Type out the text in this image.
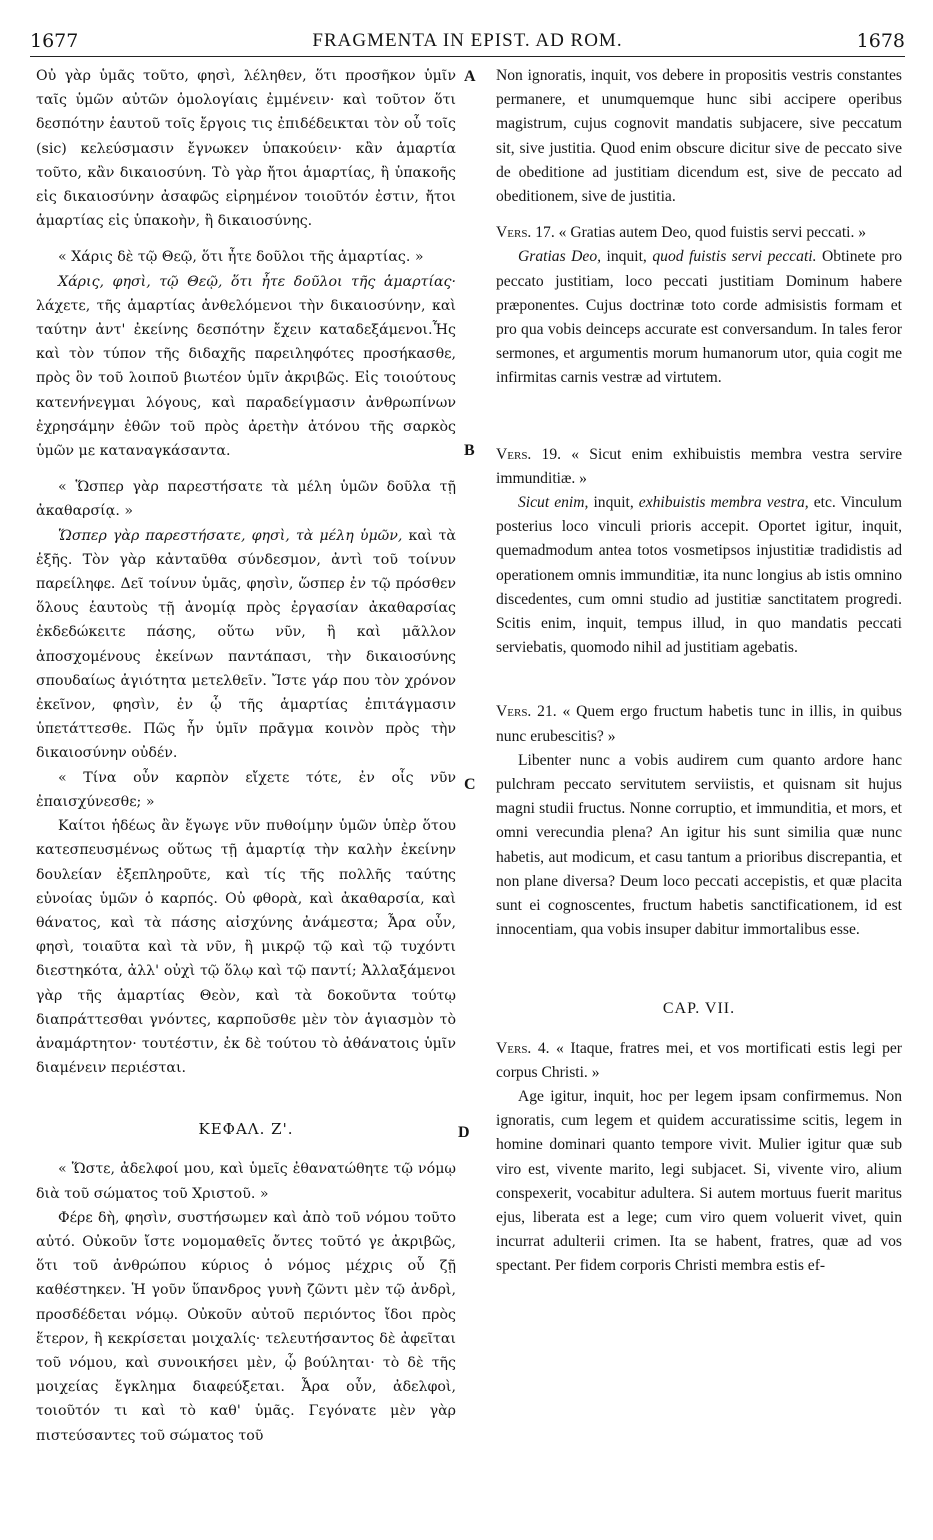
1677	FRAGMENTA IN EPIST. AD ROM.	1678
A
B
C
D

Οὐ γὰρ ὑμᾶς τοῦτο, φησὶ, λέληθεν, ὅτι προσῆκον ὑμῖν ταῖς ὑμῶν αὐτῶν ὁμολογίαις ἐμμένειν· καὶ τοῦτον ὅτι δεσπότην ἑαυτοῦ τοῖς ἔργοις τις ἐπιδέδεικται τὸν οὗ τοῖς (sic) κελεύσμασιν ἔγνωκεν ὑπακούειν· κἂν ἁμαρτία τοῦτο, κἂν δικαιοσύνη. Τὸ γὰρ ἤτοι ἁμαρτίας, ἢ ὑπακοῆς εἰς δικαιοσύνην ἀσαφῶς εἰρημένον τοιοῦτόν ἐστιν, ἤτοι ἁμαρτίας εἰς ὑπακοὴν, ἢ δικαιοσύνης.

« Χάρις δὲ τῷ Θεῷ, ὅτι ἦτε δοῦλοι τῆς ἁμαρτίας. »

Χάρις, φησὶ, τῷ Θεῷ, ὅτι ἦτε δοῦλοι τῆς ἁμαρτίας· λάχετε, τῆς ἁμαρτίας ἀνθελόμενοι τὴν δικαιοσύνην, καὶ ταύτην ἀντ' ἐκείνης δεσπότην ἔχειν καταδεξάμενοι.Ἧς καὶ τὸν τύπον τῆς διδαχῆς παρειληφότες προσήκασθε, πρὸς ὃν τοῦ λοιποῦ βιωτέον ὑμῖν ἀκριβῶς. Εἰς τοιούτους κατενήνεγμαι λόγους, καὶ παραδείγμασιν ἀνθρωπίνων ἐχρησάμην ἐθῶν τοῦ πρὸς ἀρετὴν ἀτόνου τῆς σαρκὸς ὑμῶν με καταναγκάσαντα.

« Ὥσπερ γὰρ παρεστήσατε τὰ μέλη ὑμῶν δοῦλα τῇ ἀκαθαρσίᾳ. »

Ὥσπερ γὰρ παρεστήσατε, φησὶ, τὰ μέλη ὑμῶν, καὶ τὰ ἑξῆς. Τὸν γὰρ κἀνταῦθα σύνδεσμον, ἀντὶ τοῦ τοίνυν παρείληφε. Δεῖ τοίνυν ὑμᾶς, φησὶν, ὥσπερ ἐν τῷ πρόσθεν ὅλους ἑαυτοὺς τῇ ἀνομίᾳ πρὸς ἐργασίαν ἀκαθαρσίας ἐκδεδώκειτε πάσης, οὕτω νῦν, ἢ καὶ μᾶλλον ἀποσχομένους ἐκείνων παντάπασι, τὴν δικαιοσύνης σπουδαίως ἁγιότητα μετελθεῖν. Ἴστε γάρ που τὸν χρόνον ἐκεῖνον, φησὶν, ἐν ᾧ τῆς ἁμαρτίας ἐπιτάγμασιν ὑπετάττεσθε. Πῶς ἦν ὑμῖν πρᾶγμα κοινὸν πρὸς τὴν δικαιοσύνην οὐδέν.

« Τίνα οὖν καρπὸν εἴχετε τότε, ἐν οἷς νῦν ἐπαισχύνεσθε; »

Καίτοι ἡδέως ἂν ἔγωγε νῦν πυθοίμην ὑμῶν ὑπὲρ ὅτου κατεσπευσμένως οὕτως τῇ ἁμαρτίᾳ τὴν καλὴν ἐκείνην δουλείαν ἐξεπληροῦτε, καὶ τίς τῆς πολλῆς ταύτης εὐνοίας ὑμῶν ὁ καρπός. Οὐ φθορὰ, καὶ ἀκαθαρσία, καὶ θάνατος, καὶ τὰ πάσης αἰσχύνης ἀνάμεστα; Ἆρα οὖν, φησὶ, τοιαῦτα καὶ τὰ νῦν, ἢ μικρῷ τῷ καὶ τῷ τυχόντι διεστηκότα, ἀλλ' οὐχὶ τῷ ὅλῳ καὶ τῷ παντί; Ἀλλαξάμενοι γὰρ τῆς ἁμαρτίας Θεὸν, καὶ τὰ δοκοῦντα τούτῳ διαπράττεσθαι γνόντες, καρποῦσθε μὲν τὸν ἁγιασμὸν τὸ ἀναμάρτητον· τουτέστιν, ἐκ δὲ τούτου τὸ ἀθάνατοις ὑμῖν διαμένειν περιέσται.

ΚΕΦΑΛ. Ζ'.

« Ὥστε, ἀδελφοί μου, καὶ ὑμεῖς ἐθανατώθητε τῷ νόμῳ διὰ τοῦ σώματος τοῦ Χριστοῦ. »

Φέρε δὴ, φησὶν, συστήσωμεν καὶ ἀπὸ τοῦ νόμου τοῦτο αὐτό. Οὐκοῦν ἴστε νομομαθεῖς ὄντες τοῦτό γε ἀκριβῶς, ὅτι τοῦ ἀνθρώπου κύριος ὁ νόμος μέχρις οὗ ζῇ καθέστηκεν. Ἡ γοῦν ὕπανδρος γυνὴ ζῶντι μὲν τῷ ἀνδρὶ, προσδέδεται νόμῳ. Οὐκοῦν αὐτοῦ περιόντος ἴδοι πρὸς ἕτερον, ἢ κεκρίσεται μοιχαλίς· τελευτήσαντος δὲ ἀφεῖται τοῦ νόμου, καὶ συνοικήσει μὲν, ᾧ βούληται· τὸ δὲ τῆς μοιχείας ἔγκλημα διαφεύξεται. Ἆρα οὖν, ἀδελφοὶ, τοιοῦτόν τι καὶ τὸ καθ' ὑμᾶς. Γεγόνατε μὲν γὰρ πιστεύσαντες τοῦ σώματος τοῦ

Non ignoratis, inquit, vos debere in propositis vestris constantes permanere, et unumquemque hunc sibi accipere operibus magistrum, cujus cognovit mandatis subjacere, sive peccatum sit, sive justitia. Quod enim obscure dicitur sive de peccato sive de obeditione ad justitiam dicendum est, sive de peccato ad obeditionem, sive de justitia.

Vers. 17. « Gratias autem Deo, quod fuistis servi peccati. »

Gratias Deo, inquit, quod fuistis servi peccati. Obtinete pro peccato justitiam, loco peccati justitiam Dominum habere præponentes. Cujus doctrinæ toto corde admisistis formam et pro qua vobis deinceps accurate est conversandum. In tales feror sermones, et argumentis morum humanorum utor, quia cogit me infirmitas carnis vestræ ad virtutem.

Vers. 19. « Sicut enim exhibuistis membra vestra servire immunditiæ. »

Sicut enim, inquit, exhibuistis membra vestra, etc. Vinculum posterius loco vinculi prioris accepit. Oportet igitur, inquit, quemadmodum antea totos vosmetipsos injustitiæ tradidistis ad operationem omnis immunditiæ, ita nunc longius ab istis omnino discedentes, cum omni studio ad justitiæ sanctitatem progredi. Scitis enim, inquit, tempus illud, in quo mandatis peccati serviebatis, quomodo nihil ad justitiam agebatis.

Vers. 21. « Quem ergo fructum habetis tunc in illis, in quibus nunc erubescitis? »

Libenter nunc a vobis audirem cum quanto ardore hanc pulchram peccato servitutem serviistis, et quisnam sit hujus magni studii fructus. Nonne corruptio, et immunditia, et mors, et omni verecundia plena? An igitur his sunt similia quæ nunc habetis, aut modicum, et casu tantum a prioribus discrepantia, et non plane diversa? Deum loco peccati accepistis, et quæ placita sunt ei cognoscentes, fructum habetis sanctificationem, id est innocentiam, qua vobis insuper dabitur immortalibus esse.

CAP. VII.

Vers. 4. « Itaque, fratres mei, et vos mortificati estis legi per corpus Christi. »

Age igitur, inquit, hoc per legem ipsam confirmemus. Non ignoratis, cum legem et quidem accuratissime scitis, legem in homine dominari quanto tempore vivit. Mulier igitur quæ sub viro est, vivente marito, legi subjacet. Si, vivente viro, alium conspexerit, vocabitur adultera. Si autem mortuus fuerit maritus ejus, liberata est a lege; cum viro quem voluerit vivet, quin incurrat adulterii crimen. Ita se habent, fratres, quæ ad vos spectant. Per fidem corporis Christi membra estis ef-
